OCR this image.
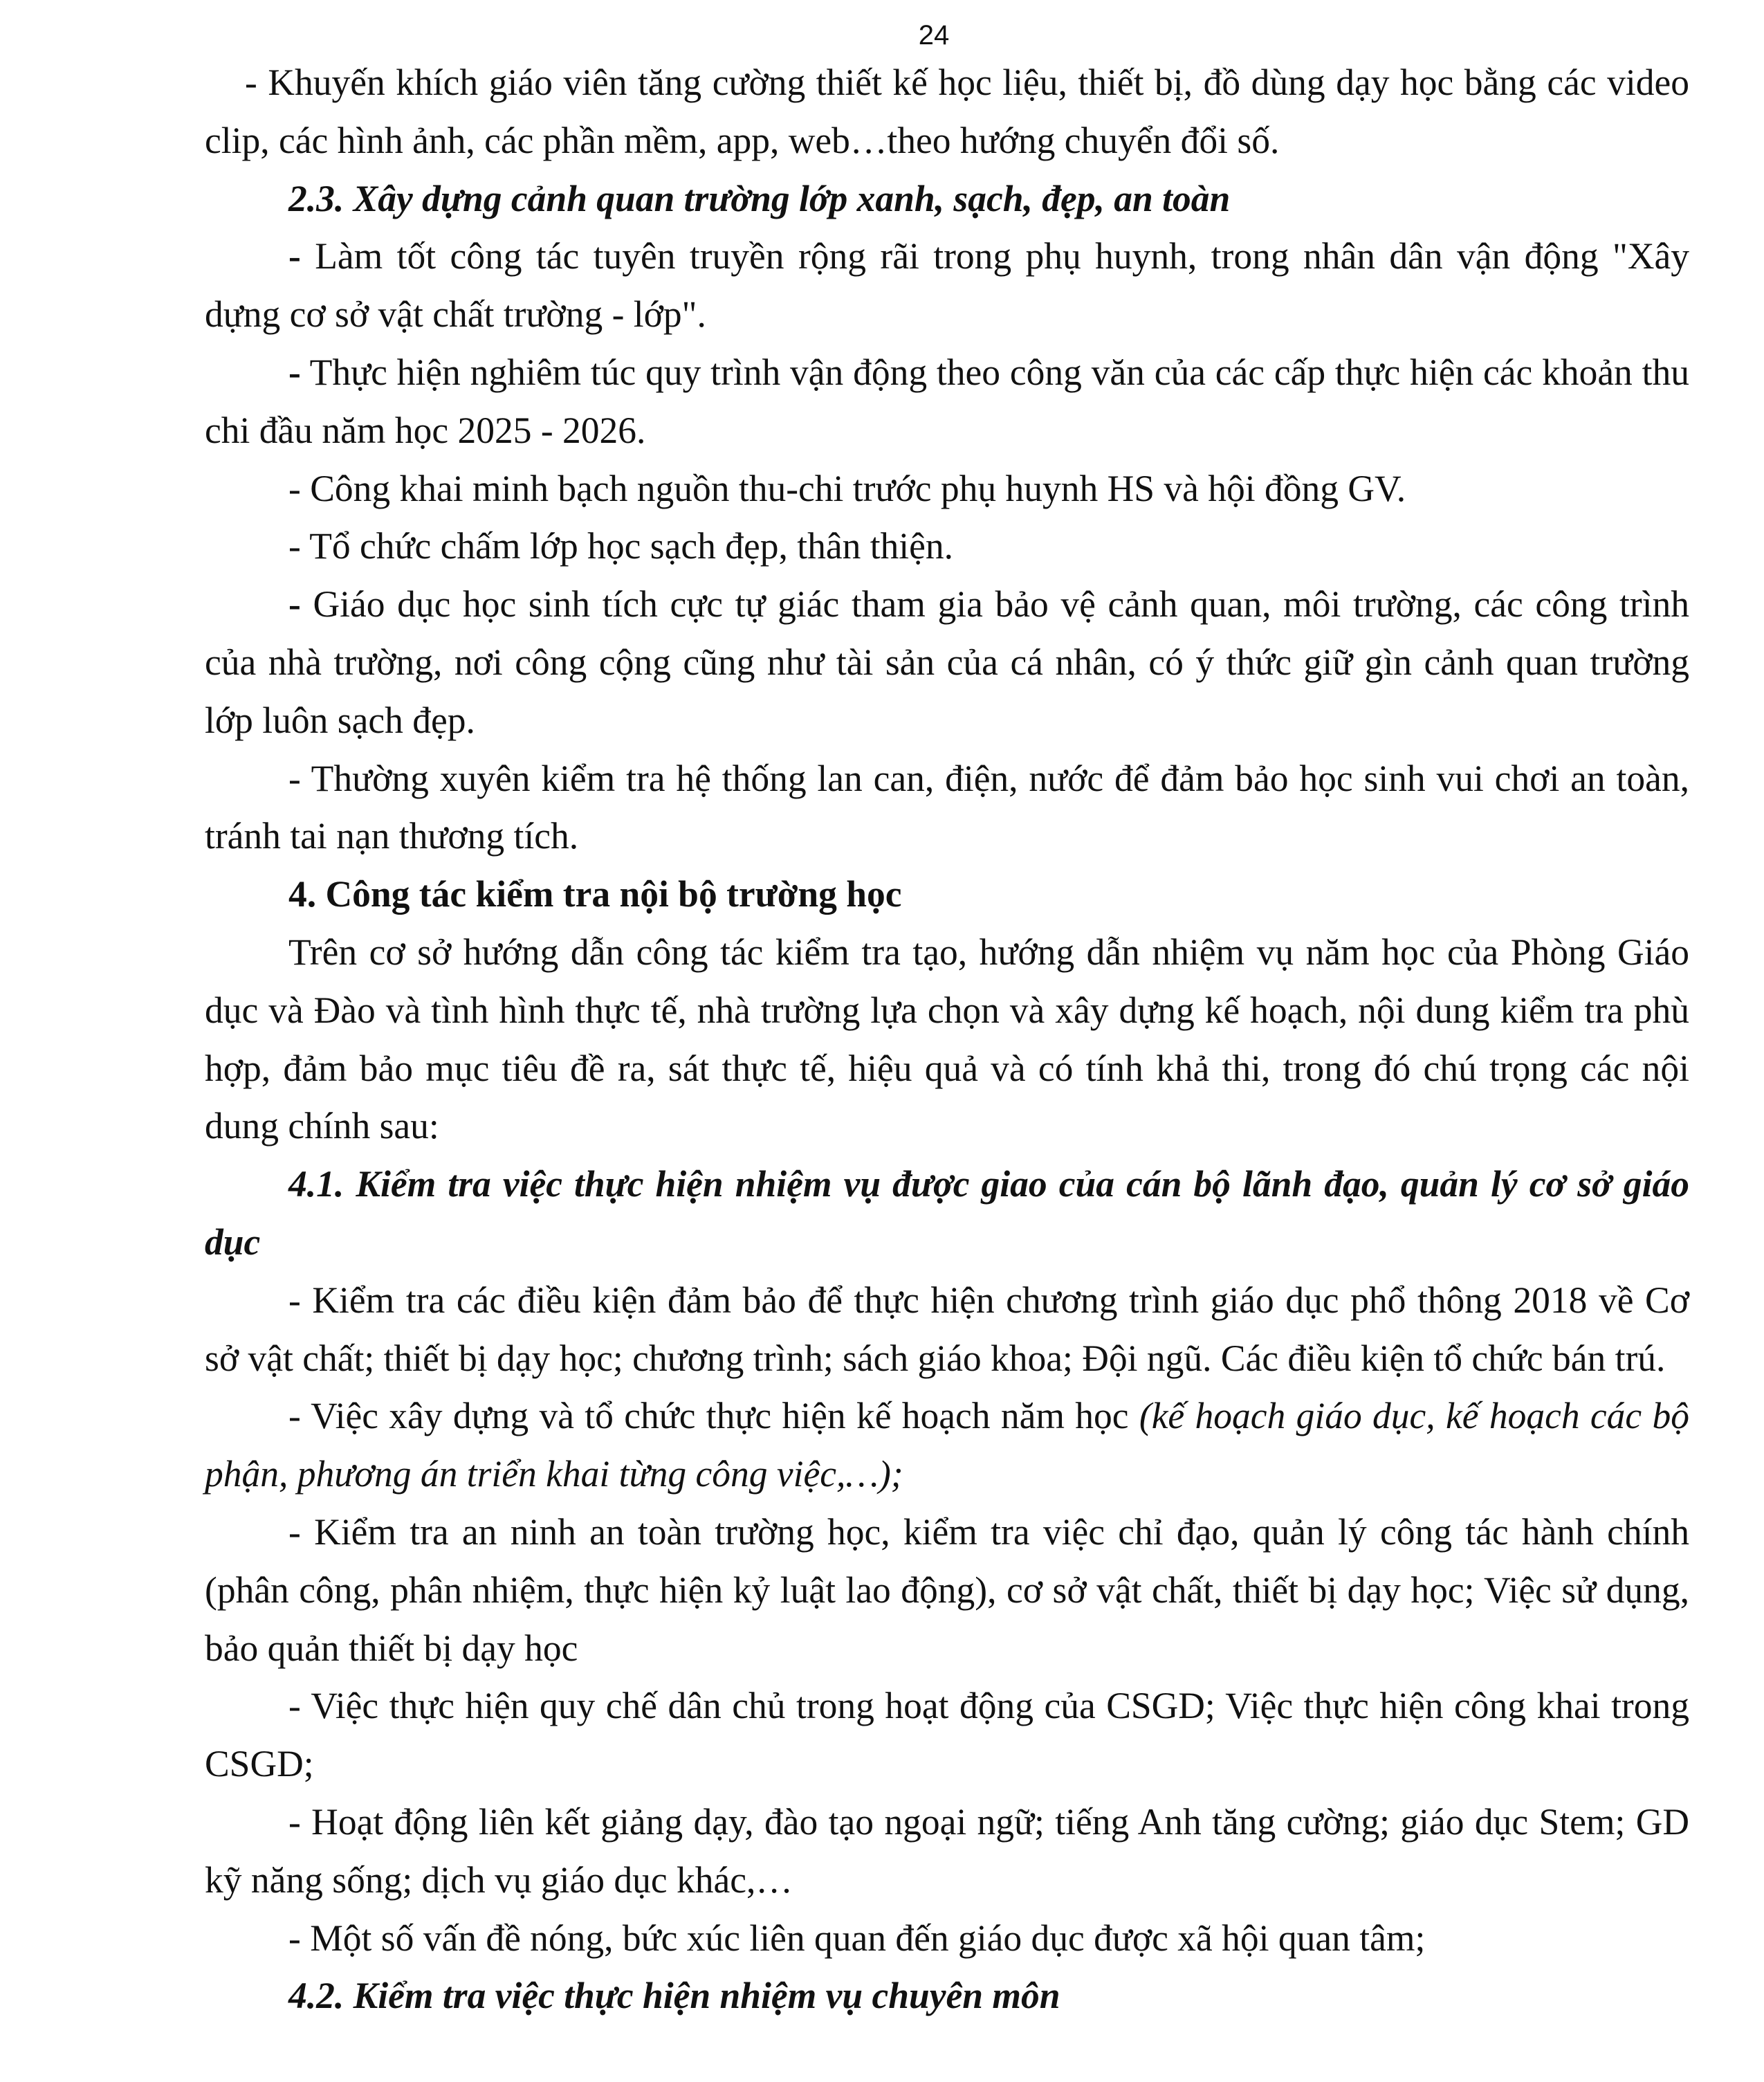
24

- Khuyến khích giáo viên tăng cường thiết kế học liệu, thiết bị, đồ dùng dạy học bằng các video clip, các hình ảnh, các phần mềm, app, web…theo hướng chuyển đổi số.

2.3. Xây dựng cảnh quan trường lớp xanh, sạch, đẹp, an toàn

- Làm tốt công tác tuyên truyền rộng rãi trong phụ huynh, trong nhân dân vận động "Xây dựng cơ sở vật chất trường - lớp".

- Thực hiện nghiêm túc quy trình vận động theo công văn của các cấp thực hiện các khoản thu chi đầu năm học 2025 - 2026.

- Công khai minh bạch nguồn thu-chi trước phụ huynh HS và hội đồng GV.

- Tổ chức chấm lớp học sạch đẹp, thân thiện.

- Giáo dục học sinh tích cực tự giác tham gia bảo vệ cảnh quan, môi trường, các công trình của nhà trường, nơi công cộng cũng như tài sản của cá nhân, có ý thức giữ gìn cảnh quan trường lớp luôn sạch đẹp.

- Thường xuyên kiểm tra hệ thống lan can, điện, nước để đảm bảo học sinh vui chơi an toàn, tránh tai nạn thương tích.

4. Công tác kiểm tra nội bộ trường học

Trên cơ sở hướng dẫn công tác kiểm tra tạo, hướng dẫn nhiệm vụ năm học của Phòng Giáo dục và Đào và tình hình thực tế, nhà trường lựa chọn và xây dựng kế hoạch, nội dung kiểm tra phù hợp, đảm bảo mục tiêu đề ra, sát thực tế, hiệu quả và có tính khả thi, trong đó chú trọng các nội dung chính sau:

4.1. Kiểm tra việc thực hiện nhiệm vụ được giao của cán bộ lãnh đạo, quản lý cơ sở giáo dục

- Kiểm tra các điều kiện đảm bảo để thực hiện chương trình giáo dục phổ thông 2018 về Cơ sở vật chất; thiết bị dạy học; chương trình; sách giáo khoa; Đội ngũ. Các điều kiện tổ chức bán trú.

- Việc xây dựng và tổ chức thực hiện kế hoạch năm học (kế hoạch giáo dục, kế hoạch các bộ phận, phương án triển khai từng công việc,…);

- Kiểm tra an ninh an toàn trường học, kiểm tra việc chỉ đạo, quản lý công tác hành chính (phân công, phân nhiệm, thực hiện kỷ luật lao động), cơ sở vật chất, thiết bị dạy học; Việc sử dụng, bảo quản thiết bị dạy học

- Việc thực hiện quy chế dân chủ trong hoạt động của CSGD; Việc thực hiện công khai trong CSGD;

- Hoạt động liên kết giảng dạy, đào tạo ngoại ngữ; tiếng Anh tăng cường; giáo dục Stem; GD kỹ năng sống; dịch vụ giáo dục khác,…

- Một số vấn đề nóng, bức xúc liên quan đến giáo dục được xã hội quan tâm;

4.2. Kiểm tra việc thực hiện nhiệm vụ chuyên môn
